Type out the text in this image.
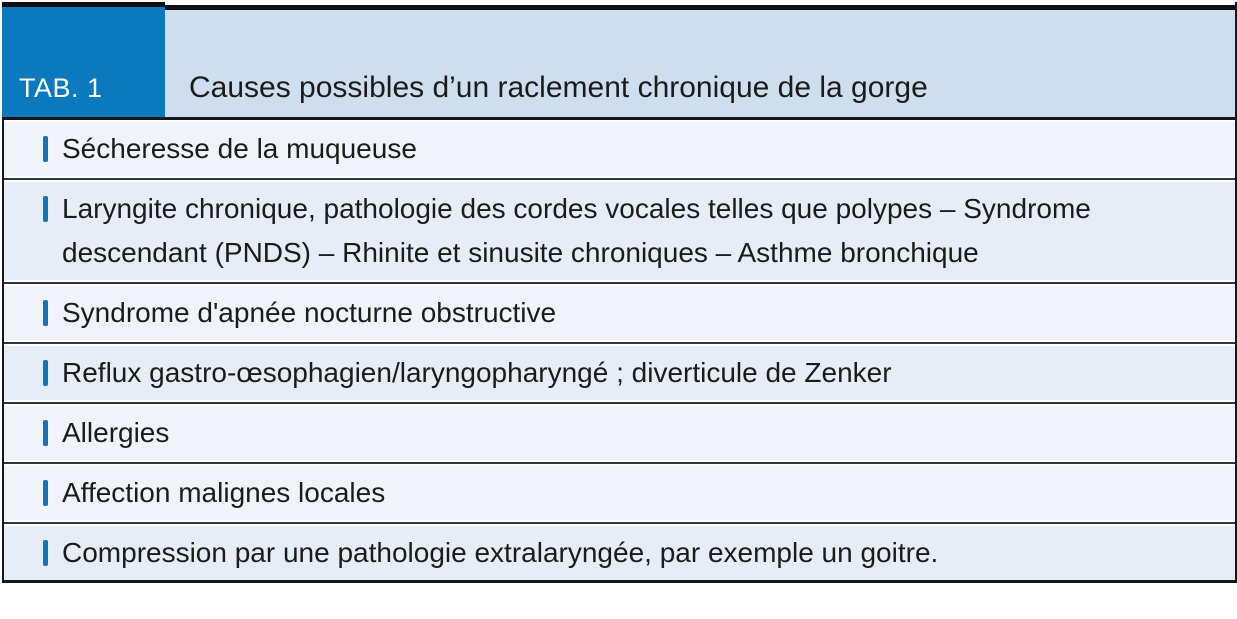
TAB. 1	Causes possibles d’un raclement chronique de la gorge
Sécheresse de la muqueuse
Laryngite chronique, pathologie des cordes vocales telles que polypes – Syndrome descendant (PNDS) – Rhinite et sinusite chroniques – Asthme bronchique
Syndrome d'apnée nocturne obstructive
Reflux gastro-œsophagien/laryngopharyngé ; diverticule de Zenker
Allergies
Affection malignes locales
Compression par une pathologie extralaryngée, par exemple un goitre.
